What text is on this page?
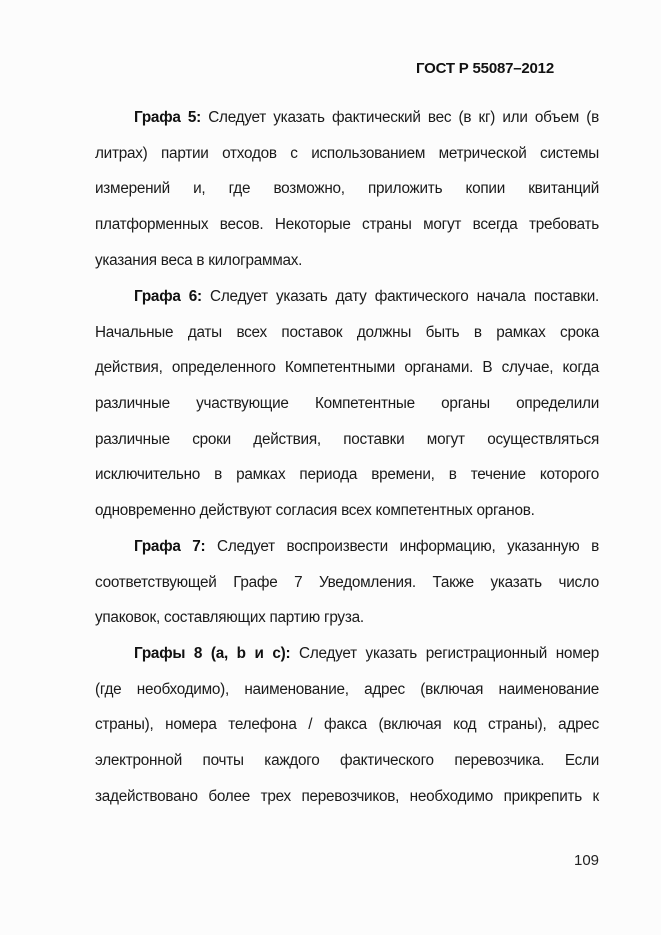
ГОСТ Р 55087–2012
Графа 5: Следует указать фактический вес (в кг) или объем (в
литрах) партии отходов с использованием метрической системы
измерений и, где возможно, приложить копии квитанций
платформенных весов. Некоторые страны могут всегда требовать
указания веса в килограммах.
Графа 6: Следует указать дату фактического начала поставки.
Начальные даты всех поставок должны быть в рамках срока
действия, определенного Компетентными органами. В случае, когда
различные участвующие Компетентные органы определили
различные сроки действия, поставки могут осуществляться
исключительно в рамках периода времени, в течение которого
одновременно действуют согласия всех компетентных органов.
Графа 7: Следует воспроизвести информацию, указанную в
соответствующей Графе 7 Уведомления. Также указать число
упаковок, составляющих партию груза.
Графы 8 (a, b и c): Следует указать регистрационный номер
(где необходимо), наименование, адрес (включая наименование
страны), номера телефона / факса (включая код страны), адрес
электронной почты каждого фактического перевозчика. Если
задействовано более трех перевозчиков, необходимо прикрепить к
109
